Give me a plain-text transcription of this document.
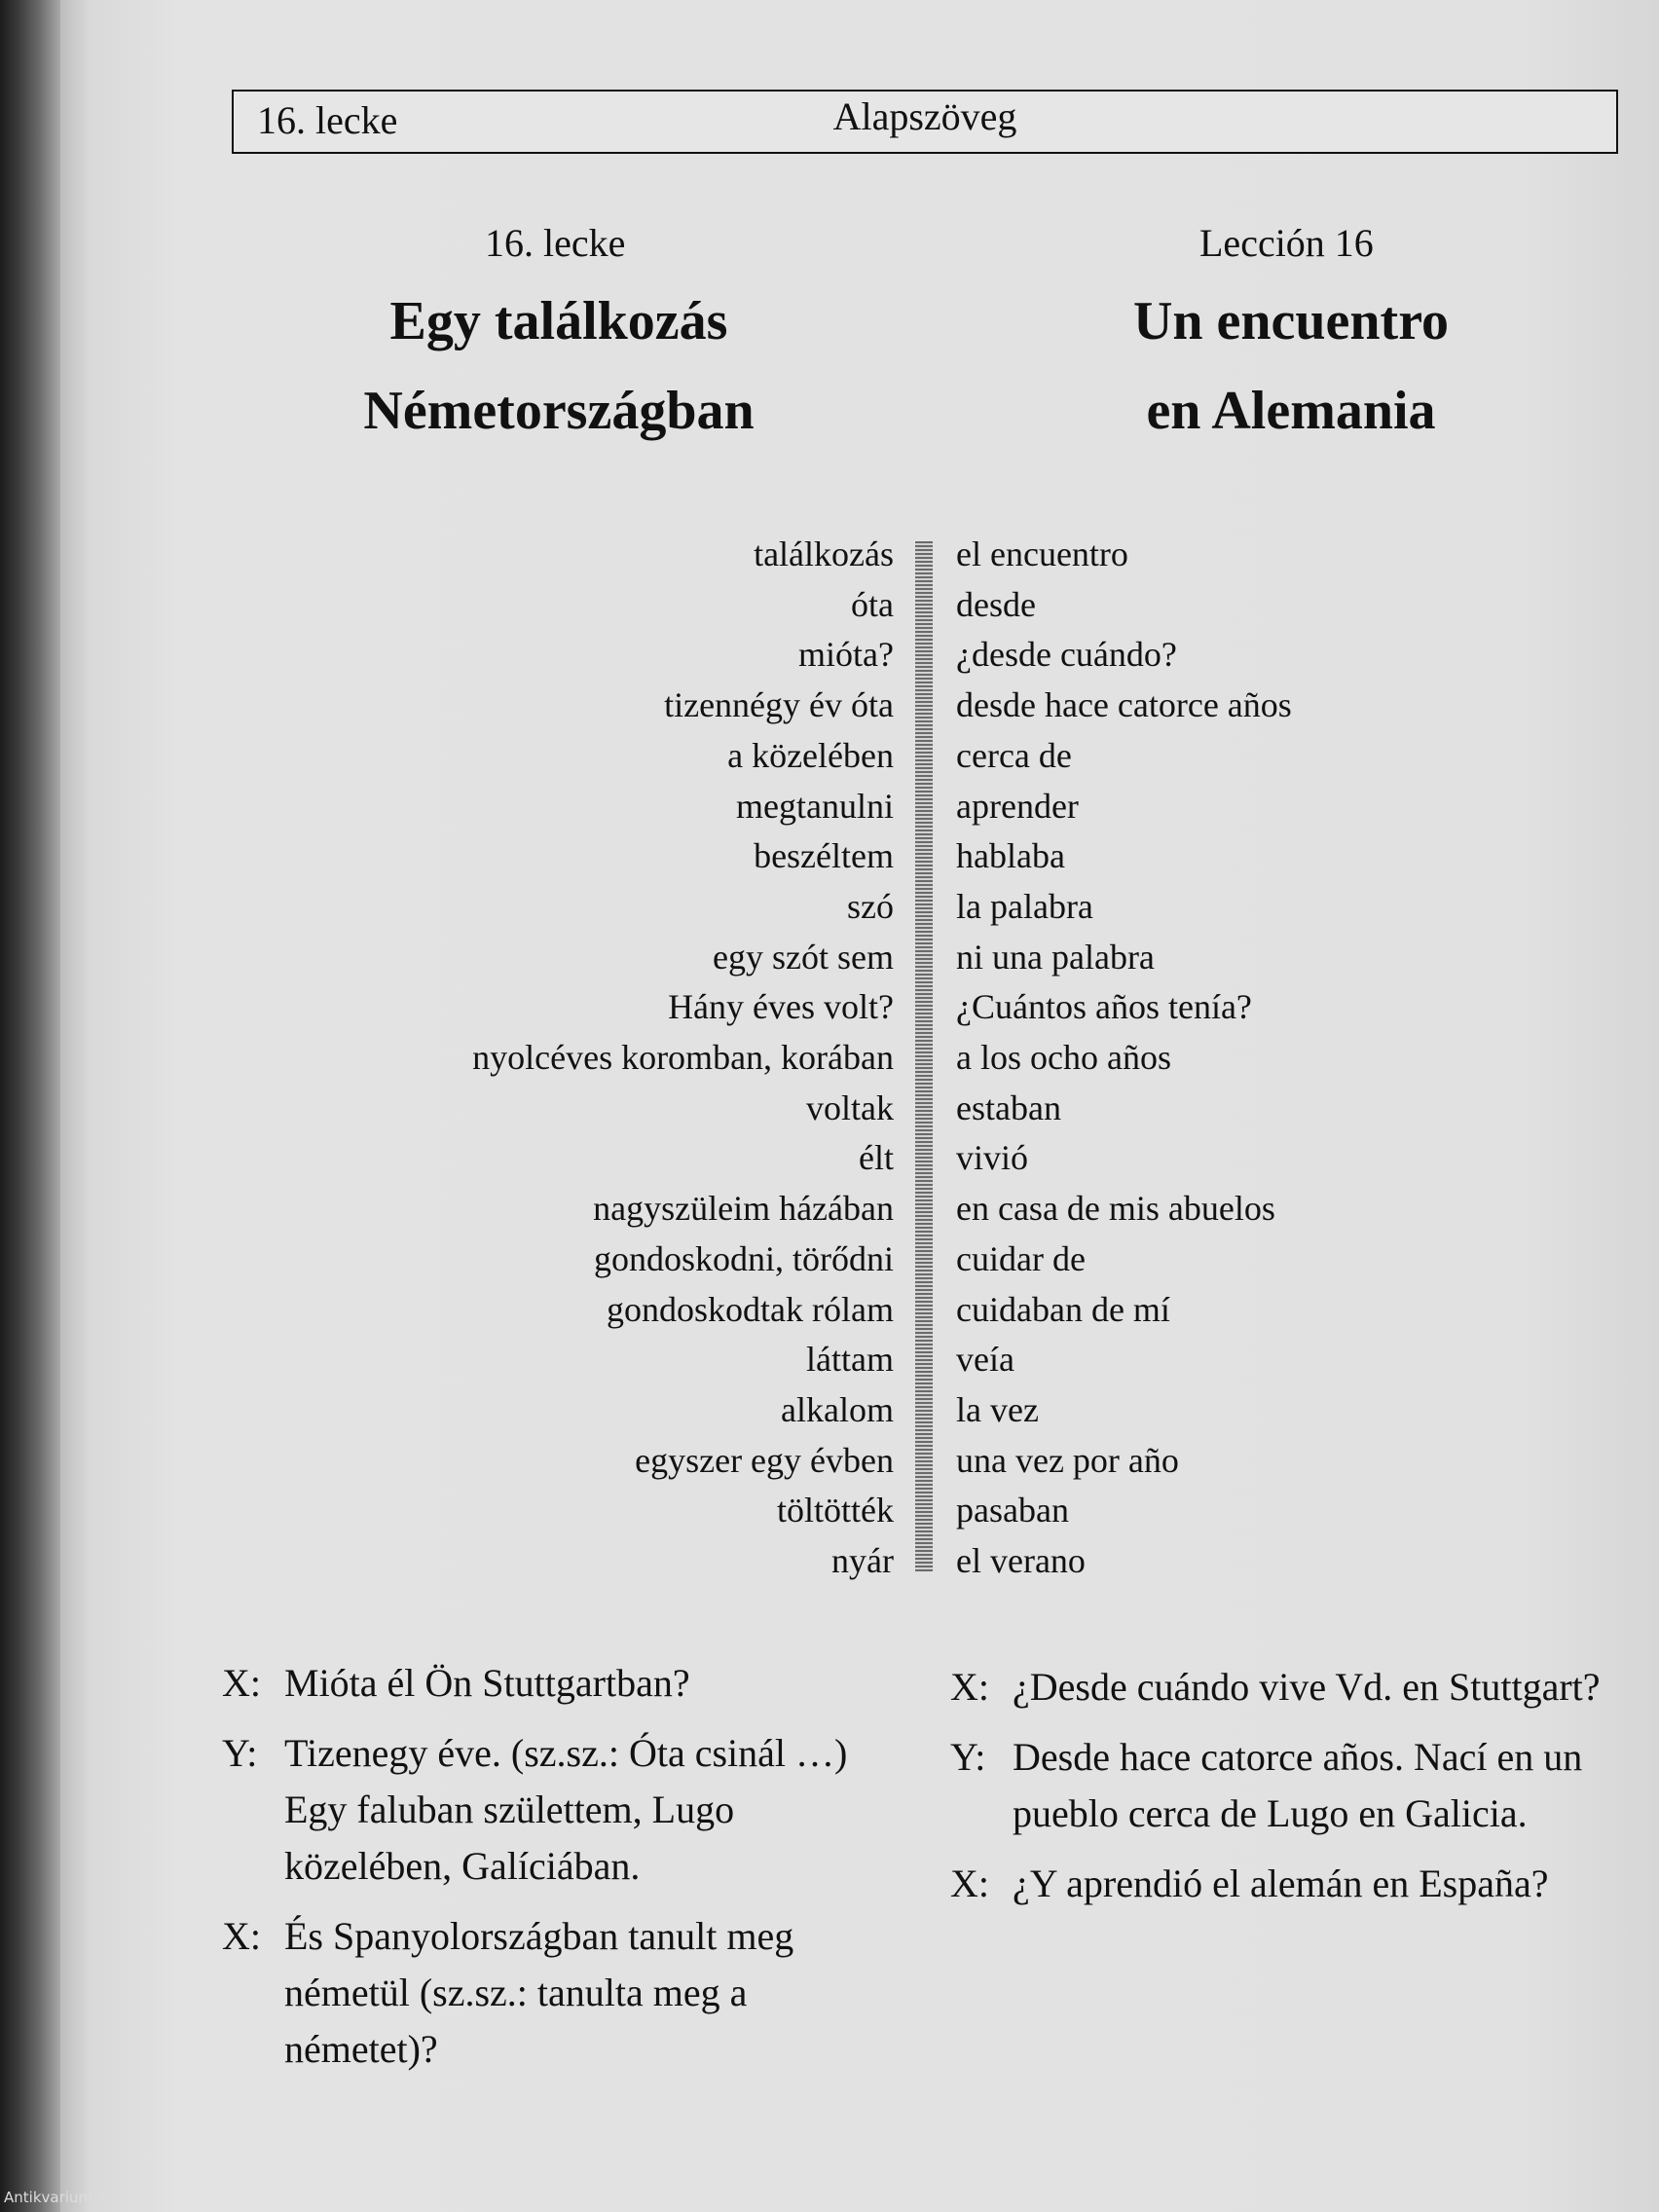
16. lecke	Alapszöveg
16. lecke	Lección 16
Egy találkozás
Németországban
Un encuentro
en Alemania
találkozás
óta
mióta?
tizennégy év óta
a közelében
megtanulni
beszéltem
szó
egy szót sem
Hány éves volt?
nyolcéves koromban, korában
voltak
élt
nagyszüleim házában
gondoskodni, törődni
gondoskodtak rólam
láttam
alkalom
egyszer egy évben
töltötték
nyár
el encuentro
desde
¿desde cuándo?
desde hace catorce años
cerca de
aprender
hablaba
la palabra
ni una palabra
¿Cuántos años tenía?
a los ocho años
estaban
vivió
en casa de mis abuelos
cuidar de
cuidaban de mí
veía
la vez
una vez por año
pasaban
el verano
X: Mióta él Ön Stuttgartban?
Y: Tizenegy éve. (sz.sz.: Óta csinál …) Egy faluban születtem, Lugo közelében, Galíciában.
X: És Spanyolországban tanult meg németül (sz.sz.: tanulta meg a németet)?
X: ¿Desde cuándo vive Vd. en Stuttgart?
Y: Desde hace catorce años. Nací en un pueblo cerca de Lugo en Galicia.
X: ¿Y aprendió el alemán en España?
Antikvarium.hu
